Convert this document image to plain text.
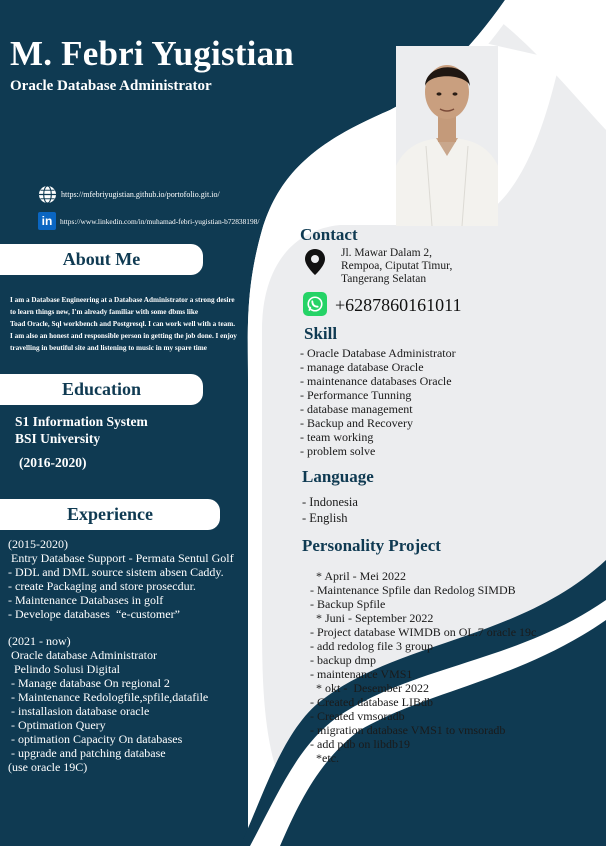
M. Febri Yugistian
Oracle Database Administrator
https://mfebriyugistian.github.io/portofolio.git.io/
in	https://www.linkedin.com/in/muhamad-febri-yugistian-b72838198/
About Me
I am a Database Engineering at a Database Administrator a strong desire
to learn things new, I'm already familiar with some dbms like
Toad Oracle, Sql workbench and Postgresql. I can work well with a team.
I am also an honest and responsible person in getting the job done. I enjoy
travelling in beutiful site and listening to music in my spare time
Education
S1 Information System
BSI University
(2016-2020)
Experience
(2015-2020)
Entry Database Support - Permata Sentul Golf
- DDL and DML source sistem absen Caddy.
- create Packaging and store prosecdur.
- Maintenance Databases in golf
- Develope databases  “e-customer”
(2021 - now)
Oracle database Administrator
Pelindo Solusi Digital
- Manage database On regional 2
- Maintenance Redologfile,spfile,datafile
- installasion database oracle
- Optimation Query
- optimation Capacity On databases
- upgrade and patching database
(use oracle 19C)
Contact
Jl. Mawar Dalam 2,
Rempoa, Ciputat Timur,
Tangerang Selatan
+6287860161011
Skill
- Oracle Database Administrator
- manage database Oracle
- maintenance databases Oracle
- Performance Tunning
- database management
- Backup and Recovery
- team working
- problem solve
Language
- Indonesia
- English
Personality Project
* April - Mei 2022
- Maintenance Spfile dan Redolog SIMDB
- Backup Spfile
* Juni - September 2022
- Project database WIMDB on OL.7 oracle 19c
- add redolog file 3 group
- backup dmp
- maintenance VMS1
* okt -  Desember 2022
- Created database LIBdb
- Created vmsoradb
- migration database VMS1 to vmsoradb
- add pdb on libdb19
*etc.
